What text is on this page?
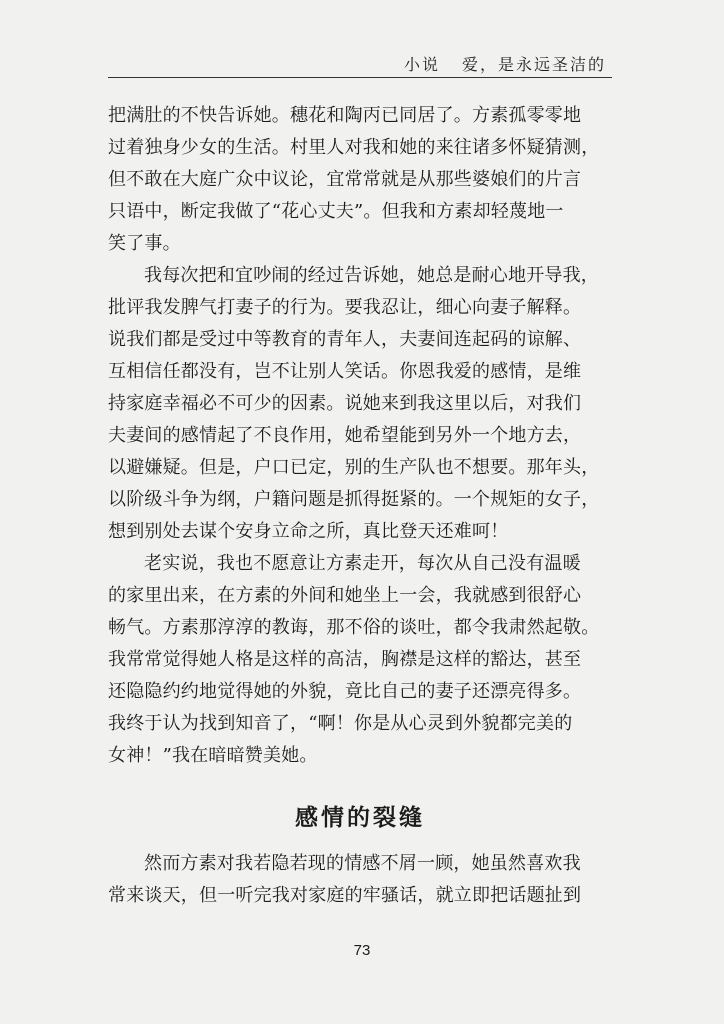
小说 爱，是永远圣洁的
把满肚的不快告诉她。穗花和陶丙已同居了。方素孤零零地
过着独身少女的生活。村里人对我和她的来往诸多怀疑猜测，
但不敢在大庭广众中议论，宜常常就是从那些婆娘们的片言
只语中，断定我做了“花心丈夫”。但我和方素却轻蔑地一
笑了事。
我每次把和宜吵闹的经过告诉她，她总是耐心地开导我，
批评我发脾气打妻子的行为。要我忍让，细心向妻子解释。
说我们都是受过中等教育的青年人，夫妻间连起码的谅解、
互相信任都没有，岂不让别人笑话。你恩我爱的感情，是维
持家庭幸福必不可少的因素。说她来到我这里以后，对我们
夫妻间的感情起了不良作用，她希望能到另外一个地方去，
以避嫌疑。但是，户口已定，别的生产队也不想要。那年头，
以阶级斗争为纲，户籍问题是抓得挺紧的。一个规矩的女子，
想到别处去谋个安身立命之所，真比登天还难呵！
老实说，我也不愿意让方素走开，每次从自己没有温暖
的家里出来，在方素的外间和她坐上一会，我就感到很舒心
畅气。方素那淳淳的教诲，那不俗的谈吐，都令我肃然起敬。
我常常觉得她人格是这样的高洁，胸襟是这样的豁达，甚至
还隐隐约约地觉得她的外貌，竟比自己的妻子还漂亮得多。
我终于认为找到知音了，“啊！你是从心灵到外貌都完美的
女神！”我在暗暗赞美她。
感情的裂缝
然而方素对我若隐若现的情感不屑一顾，她虽然喜欢我
常来谈天，但一听完我对家庭的牢骚话，就立即把话题扯到
73
